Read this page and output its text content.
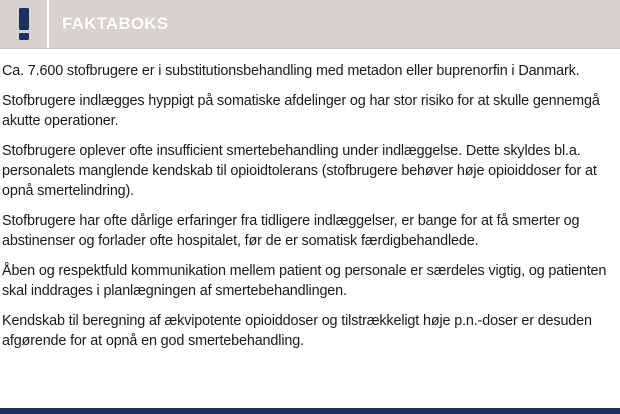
FAKTABOKS

Ca. 7.600 stofbrugere er i substitutionsbehandling med metadon eller buprenorfin i Danmark.

Stofbrugere indlægges hyppigt på somatiske afdelinger og har stor risiko for at skulle gennemgå akutte operationer.

Stofbrugere oplever ofte insufficient smertebehandling under indlæggelse. Dette skyldes bl.a. personalets manglende kendskab til opioidtolerans (stofbrugere behøver høje opioiddoser for at opnå smertelindring).

Stofbrugere har ofte dårlige erfaringer fra tidligere indlæggelser, er bange for at få smerter og abstinenser og forlader ofte hospitalet, før de er somatisk færdigbehandlede.

Åben og respektfuld kommunikation mellem patient og personale er særdeles vigtig, og patienten skal inddrages i planlægningen af smertebehandlingen.

Kendskab til beregning af ækvipotente opioiddoser og tilstrækkeligt høje p.n.-doser er desuden afgørende for at opnå en god smertebehandling.
